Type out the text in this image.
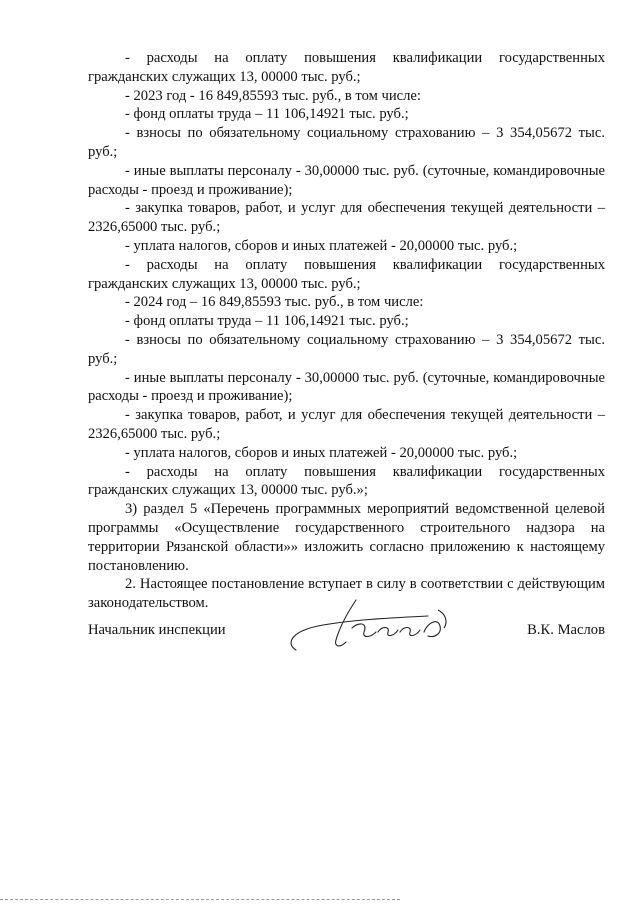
- расходы на оплату повышения квалификации государственных гражданских служащих 13, 00000 тыс. руб.;

- 2023 год - 16 849,85593 тыс. руб., в том числе:

- фонд оплаты труда – 11 106,14921 тыс. руб.;

- взносы по обязательному социальному страхованию – 3 354,05672 тыс. руб.;

- иные выплаты персоналу - 30,00000 тыс. руб. (суточные, командировочные расходы - проезд и проживание);

- закупка товаров, работ, и услуг для обеспечения текущей деятельности – 2326,65000 тыс. руб.;

- уплата налогов, сборов и иных платежей - 20,00000 тыс. руб.;

- расходы на оплату повышения квалификации государственных гражданских служащих 13, 00000 тыс. руб.;

- 2024 год – 16 849,85593 тыс. руб., в том числе:

- фонд оплаты труда – 11 106,14921 тыс. руб.;

- взносы по обязательному социальному страхованию – 3 354,05672 тыс. руб.;

- иные выплаты персоналу - 30,00000 тыс. руб. (суточные, командировочные расходы - проезд и проживание);

- закупка товаров, работ, и услуг для обеспечения текущей деятельности – 2326,65000 тыс. руб.;

- уплата налогов, сборов и иных платежей - 20,00000 тыс. руб.;

- расходы на оплату повышения квалификации государственных гражданских служащих 13, 00000 тыс. руб.»;

3) раздел 5 «Перечень программных мероприятий ведомственной целевой программы «Осуществление государственного строительного надзора на территории Рязанской области»» изложить согласно приложению к настоящему постановлению.

2. Настоящее постановление вступает в силу в соответствии с действующим законодательством.

Начальник инспекции	В.К. Маслов
